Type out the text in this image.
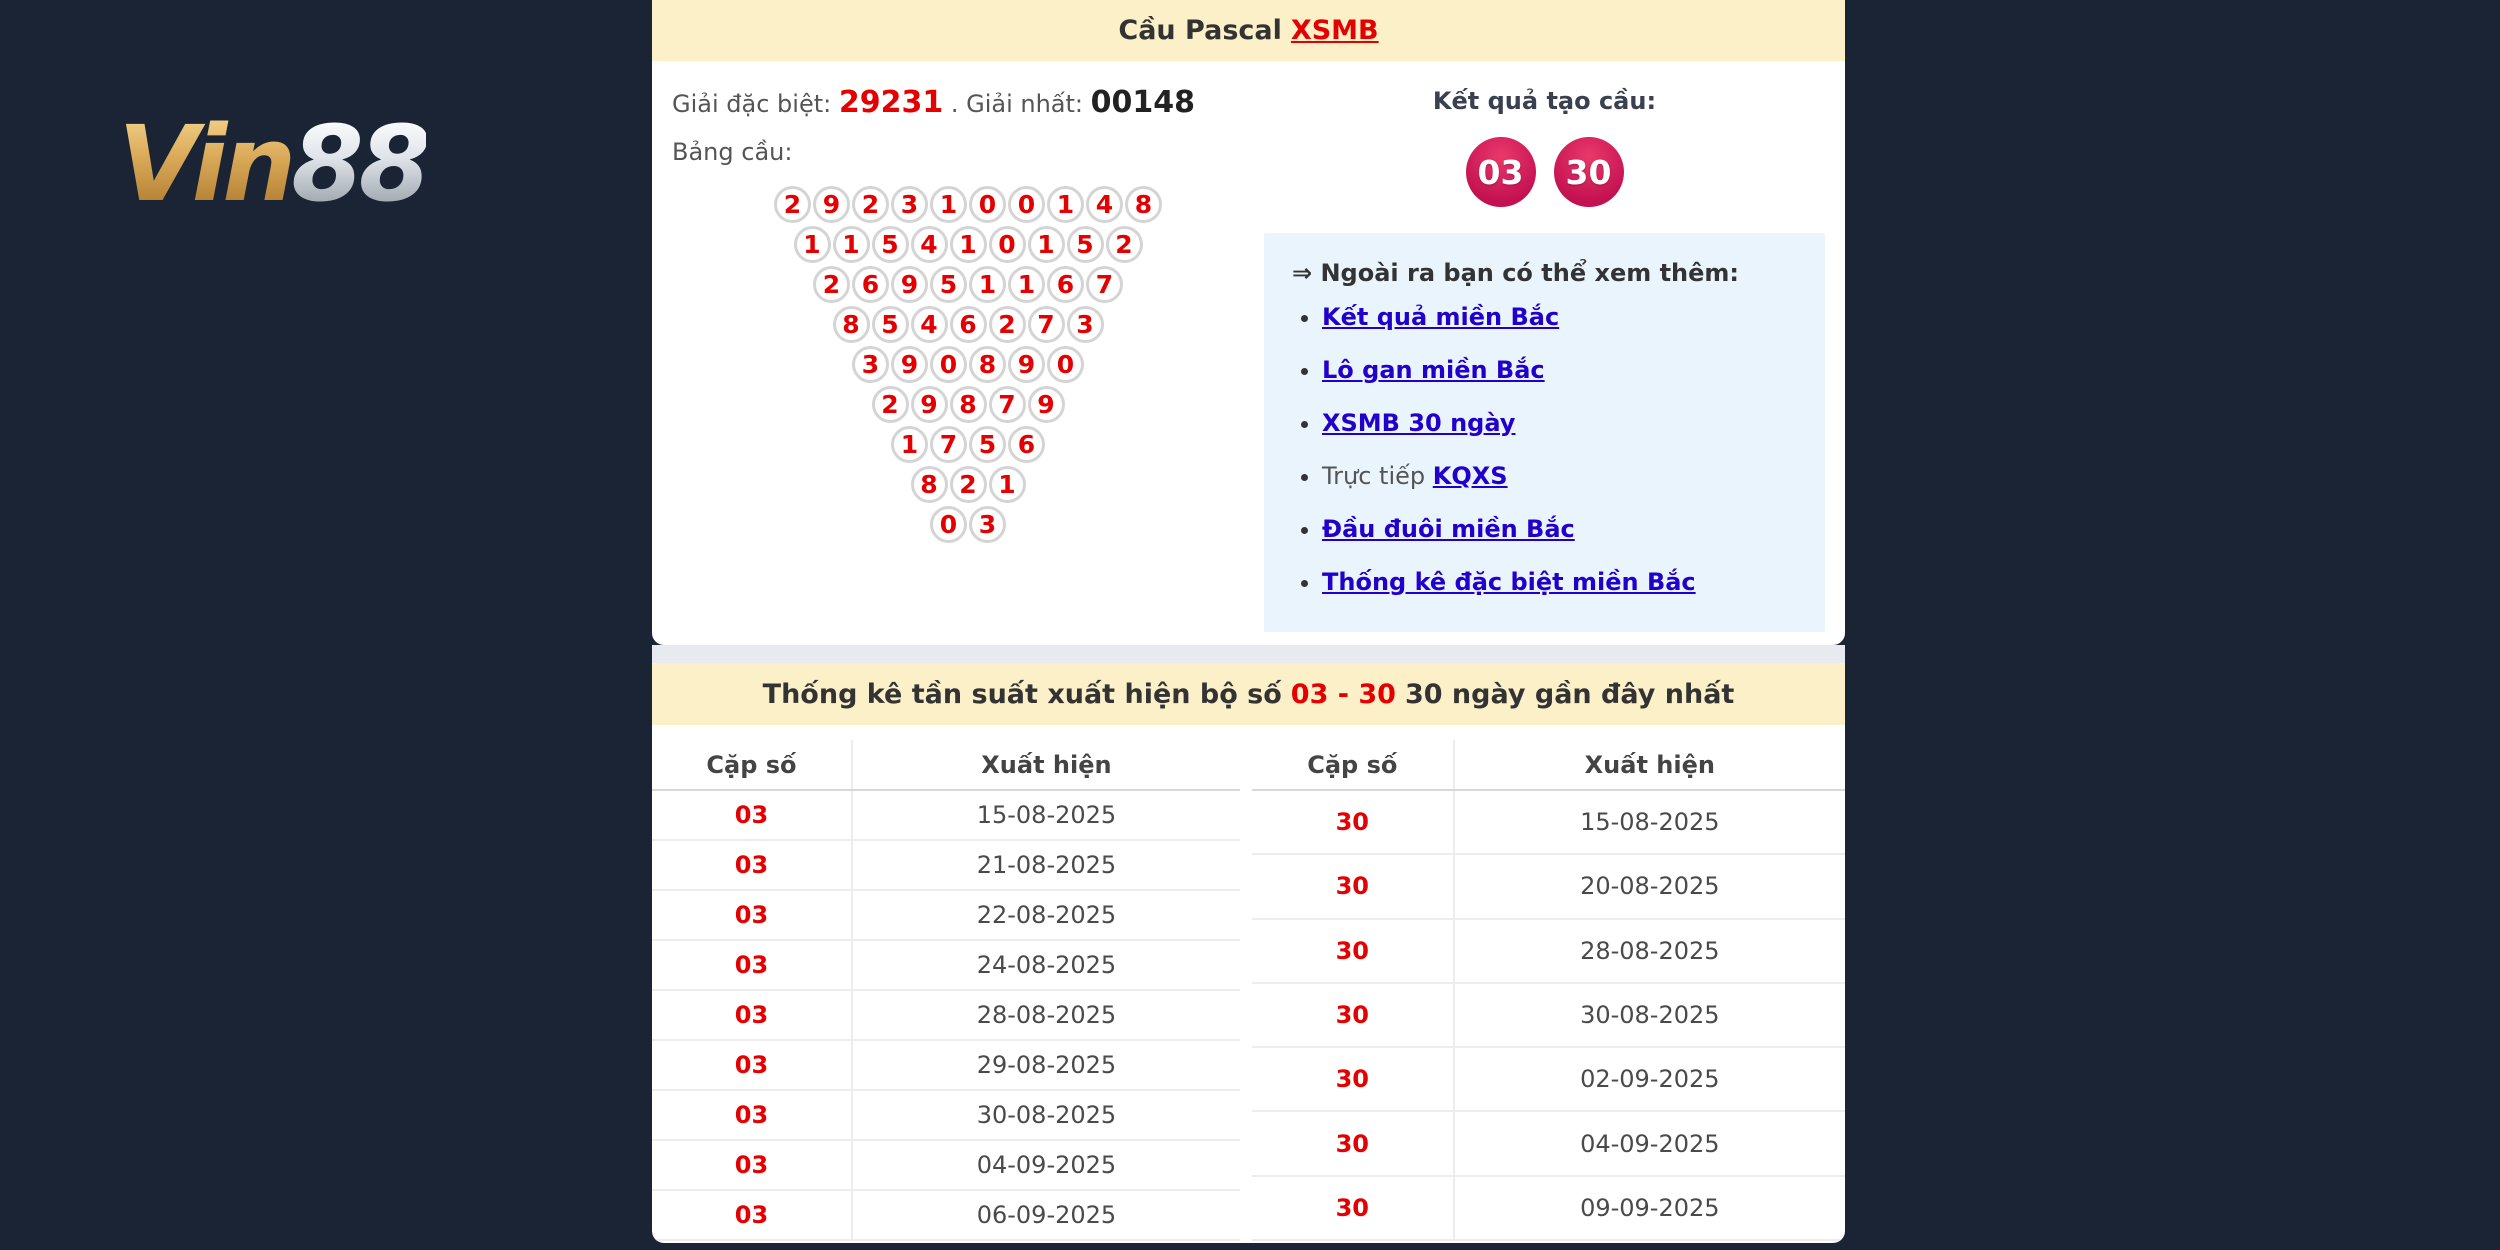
Vin88
Cầu Pascal XSMB
Giải đặc biệt: 29231 . Giải nhất: 00148
Bảng cầu:
2 9 2 3 1 0 0 1 4 8
1 1 5 4 1 0 1 5 2
2 6 9 5 1 1 6 7
8 5 4 6 2 7 3
3 9 0 8 9 0
2 9 8 7 9
1 7 5 6
8 2 1
0 3
Kết quả tạo cầu:
03	30
⇒ Ngoài ra bạn có thể xem thêm:
• Kết quả miền Bắc
• Lô gan miền Bắc
• XSMB 30 ngày
• Trực tiếp KQXS
• Đầu đuôi miền Bắc
• Thống kê đặc biệt miền Bắc
Thống kê tần suất xuất hiện bộ số 03 - 30 30 ngày gần đây nhất
Cặp số	Xuất hiện
03	15-08-2025
03	21-08-2025
03	22-08-2025
03	24-08-2025
03	28-08-2025
03	29-08-2025
03	30-08-2025
03	04-09-2025
03	06-09-2025
Cặp số	Xuất hiện
30	15-08-2025
30	20-08-2025
30	28-08-2025
30	30-08-2025
30	02-09-2025
30	04-09-2025
30	09-09-2025
